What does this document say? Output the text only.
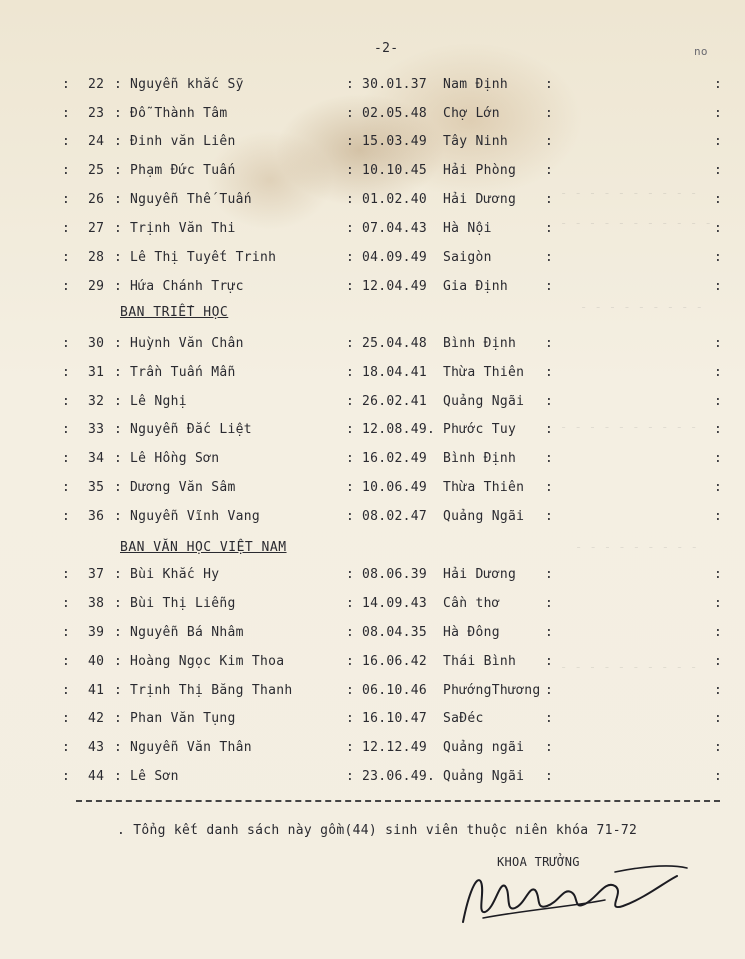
- - - - - - - - - -
- - - - - - - - - - -
- - - - - - - - -
- - - - - - - - - -
- - - - - - - - -
- - - - - - - - - -
-2-	no
: 22 : Nguyễn khắc Sỹ	: 30.01.37 Nam Định	:	:
: 23 : Đỗ Thành Tâm	: 02.05.48 Chợ Lớn	:	:
: 24 : Đinh văn Liên	: 15.03.49 Tây Ninh	:	:
: 25 : Phạm Đức Tuấn	: 10.10.45 Hải Phòng :	:
: 26 : Nguyễn Thế Tuấn	: 01.02.40 Hải Dương :	:
: 27 : Trịnh Văn Thi	: 07.04.43 Hà Nội	:	:
: 28 : Lê Thị Tuyết Trinh	: 04.09.49 Saigòn	:	:
: 29 : Hứa Chánh Trực	: 12.04.49 Gia Định	:	:
: 30 : Huỳnh Văn Chân	: 25.04.48 Bình Định :	:
: 31 : Trần Tuấn Mẫn	: 18.04.41 Thừa Thiên :	:
: 32 : Lê Nghị	: 26.02.41 Quảng Ngãi :	:
: 33 : Nguyễn Đắc Liệt	: 12.08.49. Phước Tuy :	:
: 34 : Lê Hồng Sơn	: 16.02.49 Bình Định :	:
: 35 : Dương Văn Sâm	: 10.06.49 Thừa Thiên :	:
: 36 : Nguyễn Vĩnh Vang	: 08.02.47 Quảng Ngãi :	:
: 37 : Bùi Khắc Hy	: 08.06.39 Hải Dương :	:
: 38 : Bùi Thị Liễng	: 14.09.43 Cần thơ	:	:
: 39 : Nguyễn Bá Nhâm	: 08.04.35 Hà Đông	:	:
: 40 : Hoàng Ngọc Kim Thoa	: 16.06.42 Thái Bình :	:
: 41 : Trịnh Thị Băng Thanh	: 06.10.46 PhướngThương :	:
: 42 : Phan Văn Tụng	: 16.10.47 SaĐéc	:	:
: 43 : Nguyễn Văn Thân	: 12.12.49 Quảng ngãi :	:
: 44 : Lê Sơn	: 23.06.49. Quảng Ngãi :	:
BAN TRIẾT HỌC
BAN VĂN HỌC VIỆT NAM
. Tổng kết danh sách này gồm(44) sinh viên thuộc niên khóa 71-72
KHOA TRƯỞNG
